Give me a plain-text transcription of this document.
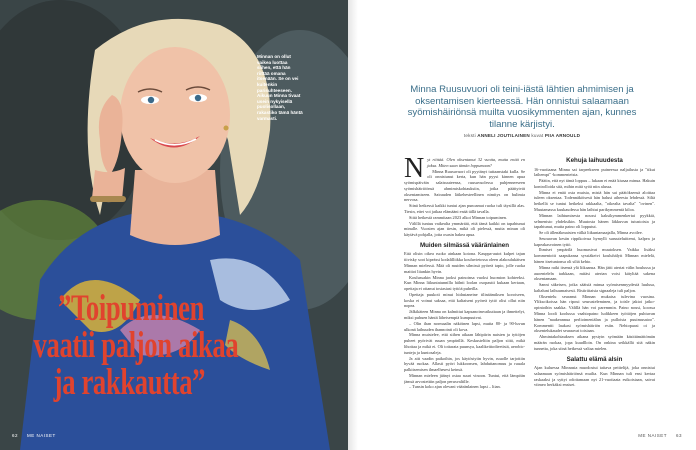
Minnan on ollut vaikea luottaa siihen, että hän riittää omana itsenään. Se on vei kuitenkin parisuhteeseen. Aikuun Minna tivaat usein nykyisellä puolisollaan, rakastiko tämä häntä varmasti.
”Toipuminen
vaatii paljon aikaa
ja rakkautta”
62 ME NAISET
Minna Ruusuvuori oli teini-iästä lähtien ahmimisen ja oksentamisen kierteessä. Hän onnistui salaamaan syömishäiriönsä muilta vuosikymmenten ajan, kunnes tilanne kärjistyi.
teksti ANNELI JOUTILAINEN kuvat PIIA ARNOULD

Nyt riittää. Olen oksentanut 32 vuotta, mutta enää en jaksa. Miten saan tämän loppumaan?

Minna Ruusuvuori oli pyytänyt tuttaanstaki kulla. Se oli onnistunut kerta, kun hän pyysi kinnen apua syömispäiväin salaisuuteensa, ruusuvuolessa puhjenneeseen syömishäiriöönsä ahmimiskohtauksiin, jotka päättyivät oksentamiseen. Sairauden läikehesteellinen nimitys on bulimia nervosa.

Siinä hetkessä kaikki tuntui ajan punoamat ruoka tuli täysillä alas. Tiesin, ettei voi jatkaa elämääni enää tällä tavalla.

Siitä hetkestä rammitaan 2023 alkoi Minnan toipuminen.

Välillä tuntuu vaikealta ymmärtää, että tämä kaikki on tapahtunut minulle. Vuosien ajan tiesin, mikä oli pielessä, mutta minun oli käytävä pohjalla, jotta osasin hakea apua.

Muiden silmässä vääränlainen

Että olisin oikea ruoko ainkaan kotona. Kauppa-autot kulpet tajun tiivisky sooi kipeässi kodalilliikka kouluvietossa oleen alakoulukäisen Minnan mielessä. Mää oli muiden silmissä pyöreä tapio, jolle ruoka maittoi liiankin hyvin.

Koulussakin Minna jaoksi painoinsa vuoksi huomion kohteeksi. Kun Minna liikuntatunnilla hälnti loolan osopautti kukaan kertaan, opettaja ei ottanut tosiasiasi tyttöä puheilla.

Opettaja puukoti minut hidastaneine tilinäämiksen koroiseen, koska ei voinut saksaa, että kaltaiseni pyöreä tyttö olisi ollut niin nopea.

Jälkikäteen Minna on kalmittut kapsanoimvaikuttaan ja ihmettelyt, miksi puhuen häntä läheisempiä kumpuutvat.

– Olin ihan normaalin näköinen lapsi, mutta 80- ja 90-luvun ulkonä laihuuden ihannointi oli kova.

Minna muistelee, että siihen aikaan lähipiirin naisten ja tyttöjen puheet pyörivät ruuan ympärillä. Keskusteltiin paljon siitä, mikä lihottaa ja mikä ei. Oli tottarata puunsya, kaalikeittodieetistä, aerobic-tunteja ja kuntosaleja.

Ja aitt vaadin paikoihin, jos käytöstyiin hyvin, ruuolle tarjottiin hyvää ruokaa. Allasti pyöri lukkoonsen, lahduttanomuu ja ruuala palkitsemisen ilmaelhesesi keinsä.

Minnan mieleen jäänyt ostaa suuri vinoon. Tuntui, että lämpöän jämsä arvostettiin paljon perusvaltille.

– Tunsin koko ajan olevani vääränlainen lapsi – liian.

Kehuja laihuudesta

16-vuotiaana Minna sai tarpeekseen puineessa naljailusta ja "tikut laihempi" -kommenteista.

Päätin, että nyt tämä loppuu – lukaan ei enää kiusaa minua. Hakuin kontrolloida sitä, mihin mitä syöä niin alussa.

Minna ei enää osta muista, mistä hän sai päätöksensä aloittaa tuleen oksentaa. Todennäköisesti hän halusi aiheesta lehdessä. Siltä hetkellä se tuntui hetkeksi rakkaalta, "oikealta tavalta" "ovinen". Muutamassa kuukaudessa hän laihtui parikymmentä kiloa.

Minnan laihtumisesta noussi kaksikymmenkertai pyykkiä, selmenisto yhdeksikin. Muutosta hänen läkkuvun tutustoista ja tapahtunut, mutta paino oli lopputut.

Se oli ällenäkmaisten välkä liikuntamaajalla, Minna avoilee.

Seuraavan kesän rippikoivua hymylli suruuteluittemi, kalpea ja kapeakasvoinen tyttö.

Ihmiset ympärilä huomasivat muutoksen. Vaikka lisäksi kommentoitt saapukansa sysstäkeivi kouluhälytt Minnan mielelä, hänen itsetuntonsa oli siltä kehto.

Minna raiki itsensä ylä liikaansa. Hän jätti ateriat välin houlussa ja auoenteleln tarkkaan, mitäsi aterian voisi kätyltää sakena oksentamaan.

Sanni säkeisen, jotka säätsiä minua syömisenmyydestä luulusa, kaltaluni laihuumaisesti. Ristiriitaisia signaaleja tuli paljon.

Oksentelu seuranut Minnan mukaisa tulevina vuosina. Yliksoikoissa hän ripoui seurusteleminen, ja toisle jaktoi jatko-opintoihin saakka. Välillä hän voi paremmin. Paino nousi, koossa Minna loodi koolussa vaahtopaino ludikkeen työttöjen puhtuvan hänen "naakeannua perlioimeniälan ja pulloista puuimusatoo". Kommentti laukasi syömishäiriön esiin. Nehtopaasi oi ja oksentelukaudet seuraavat toisiaan.

Ahmintakohtauksen aikana pystyin syömään käsittämättömän määrän ruokaa, jopa kuudlloin. On onkina seikkällä sitä näkin tunnetta, joka siinä hetkessä valtaa mielen.

Salattu elämä alsin

Ajan kuluessa Minnasta muodostui taitava peittelijä, joka onnistui salaamaan syömishäiriönsä muilta. Kun Minnan tuli ensi kertaa raskaaksi ja syttyi odottamaan nyt 21-vuotiaata esikoistaan, saivat viimeo herkäksi ensiset.

ME NAISET 63
